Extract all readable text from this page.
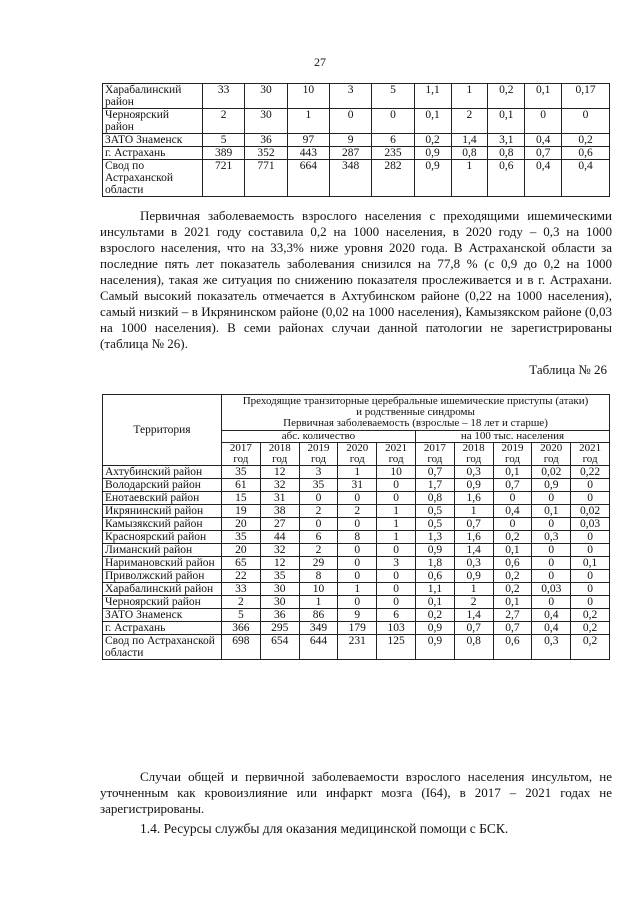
27
Харабалинский район	33	30	10	3	5	1,1	1	0,2	0,1	0,17
Черноярский район	2	30	1	0	0	0,1	2	0,1	0	0
ЗАТО Знаменск	5	36	97	9	6	0,2	1,4	3,1	0,4	0,2
г. Астрахань	389	352	443	287	235	0,9	0,8	0,8	0,7	0,6
Свод по Астраханской области	721	771	664	348	282	0,9	1	0,6	0,4	0,4

Первичная заболеваемость взрослого населения с преходящими ишемическими инсультами в 2021 году составила 0,2 на 1000 населения, в 2020 году – 0,3 на 1000 взрослого населения, что на 33,3% ниже уровня 2020 года. В Астраханской области за последние пять лет показатель заболевания снизился на 77,8 % (с 0,9 до 0,2 на 1000 населения), такая же ситуация по снижению показателя прослеживается и в г. Астрахани. Самый высокий показатель отмечается в Ахтубинском районе (0,22 на 1000 населения), самый низкий – в Икрянинском районе (0,02 на 1000 населения), Камызякском районе (0,03 на 1000 населения). В семи районах случаи данной патологии не зарегистрированы (таблица № 26).

Таблица № 26

Территория	Преходящие транзиторные церебральные ишемические приступы (атаки)
и родственные синдромы
Первичная заболеваемость (взрослые – 18 лет и старше)									

	абс. количество					на 100 тыс. населения				
	2017 год	2018 год	2019 год	2020 год	2021 год	2017 год	2018 год	2019 год	2020 год	2021 год
Ахтубинский район	35	12	3	1	10	0,7	0,3	0,1	0,02	0,22
Володарский район	61	32	35	31	0	1,7	0,9	0,7	0,9	0
Енотаевский район	15	31	0	0	0	0,8	1,6	0	0	0
Икрянинский район	19	38	2	2	1	0,5	1	0,4	0,1	0,02
Камызякский район	20	27	0	0	1	0,5	0,7	0	0	0,03
Красноярский район	35	44	6	8	1	1,3	1,6	0,2	0,3	0
Лиманский район	20	32	2	0	0	0,9	1,4	0,1	0	0
Наримановский район	65	12	29	0	3	1,8	0,3	0,6	0	0,1
Приволжский район	22	35	8	0	0	0,6	0,9	0,2	0	0
Харабалинский район	33	30	10	1	0	1,1	1	0,2	0,03	0
Черноярский район	2	30	1	0	0	0,1	2	0,1	0	0
ЗАТО Знаменск	5	36	86	9	6	0,2	1,4	2,7	0,4	0,2
г. Астрахань	366	295	349	179	103	0,9	0,7	0,7	0,4	0,2
Свод по Астраханской области	698	654	644	231	125	0,9	0,8	0,6	0,3	0,2

Случаи общей и первичной заболеваемости взрослого населения инсультом, не уточненным как кровоизлияние или инфаркт мозга (I64), в 2017 – 2021 годах не зарегистрированы.

1.4. Ресурсы службы для оказания медицинской помощи с БСК.
